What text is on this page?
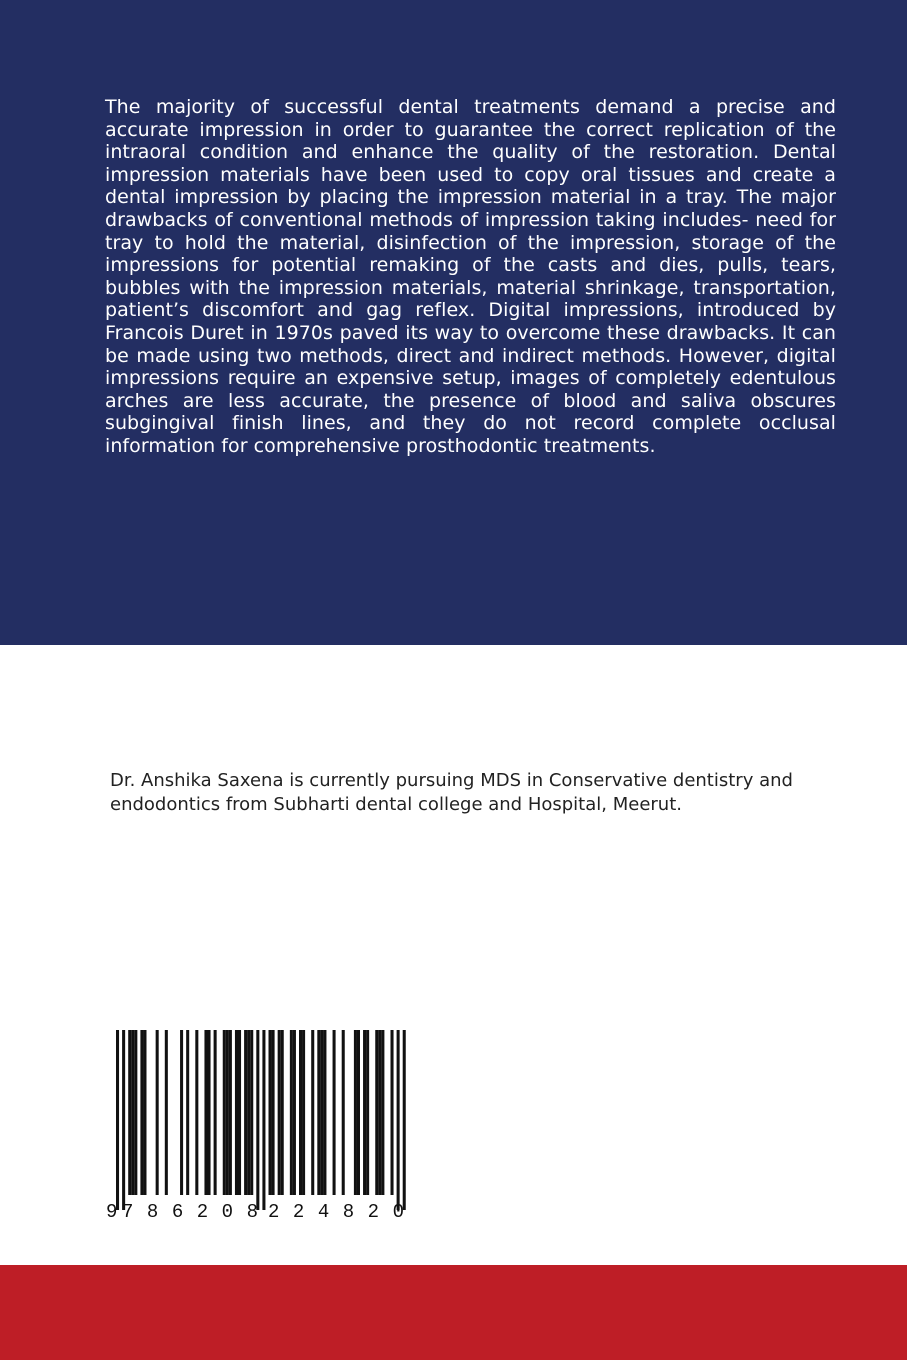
The majority of successful dental treatments demand a precise and accurate impression in order to guarantee the correct replication of the intraoral condition and enhance the quality of the restoration. Dental impression materials have been used to copy oral tissues and create a dental impression by placing the impression material in a tray. The major drawbacks of conventional methods of impression taking includes- need for tray to hold the material, disinfection of the impression, storage of the impressions for potential remaking of the casts and dies, pulls, tears, bubbles with the impression materials, material shrinkage, transportation, patient’s discomfort and gag reflex. Digital impressions, introduced by Francois Duret in 1970s paved its way to overcome these drawbacks. It can be made using two methods, direct and indirect methods. However, digital impressions require an expensive setup, images of completely edentulous arches are less accurate, the presence of blood and saliva obscures subgingival finish lines, and they do not record complete occlusal information for comprehensive prosthodontic treatments.

Dr. Anshika Saxena is currently pursuing MDS in Conservative dentistry and endodontics from Subharti dental college and Hospital, Meerut.

9 786208 224820
